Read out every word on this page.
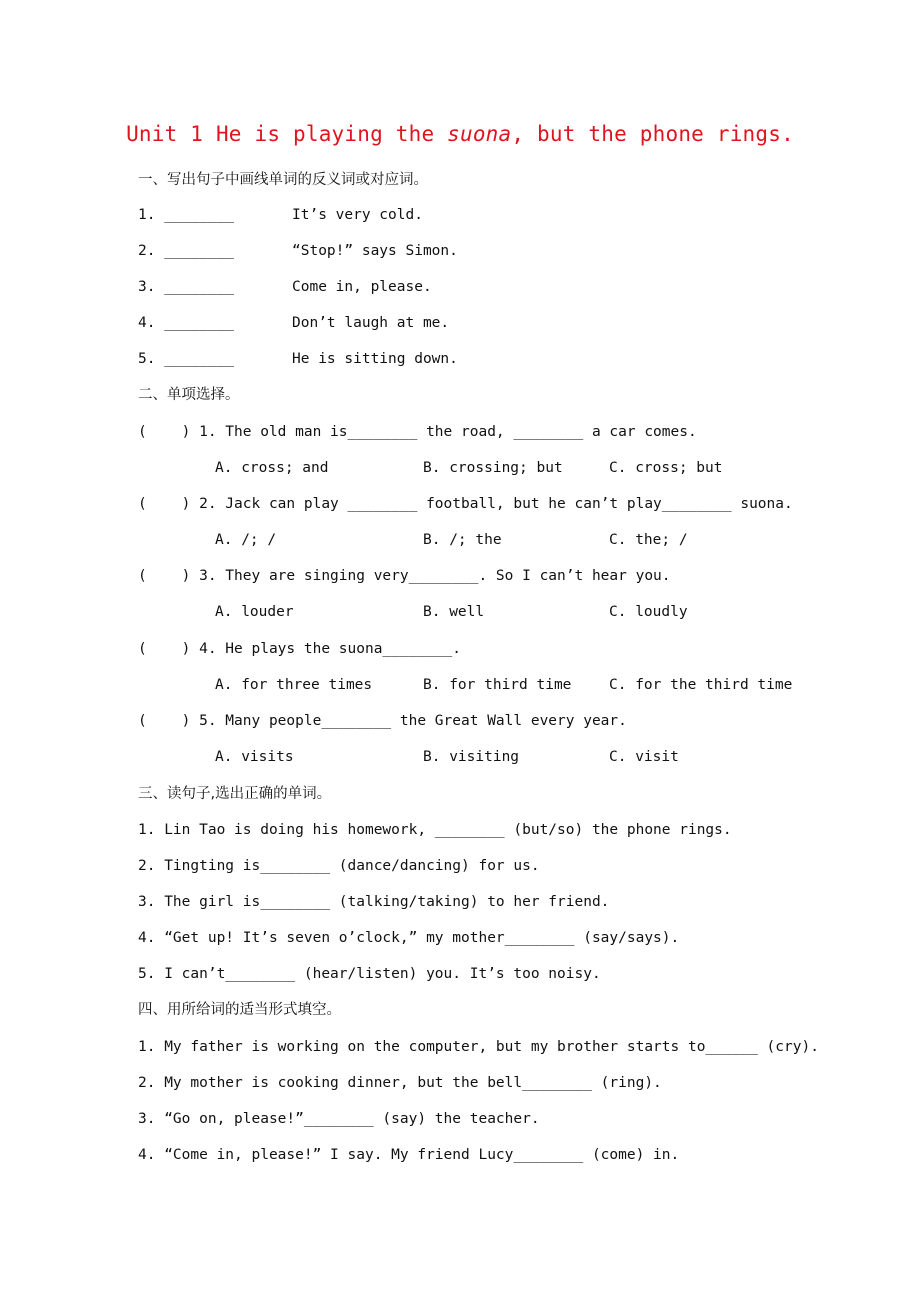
Unit 1 He is playing the suona, but the phone rings.
一、写出句子中画线单词的反义词或对应词。
1. ________	It’s very cold.
2. ________	“Stop!” says Simon.
3. ________	Come in, please.
4. ________	Don’t laugh at me.
5. ________	He is sitting down.
二、单项选择。
(    ) 1. The old man is________ the road, ________ a car comes.
A. cross; and	B. crossing; but	C. cross; but
(    ) 2. Jack can play ________ football, but he can’t play________ suona.
A. /; /	B. /; the	C. the; /
(    ) 3. They are singing very________. So I can’t hear you.
A. louder	B. well	C. loudly
(    ) 4. He plays the suona________.
A. for three times	B. for third time	C. for the third time
(    ) 5. Many people________ the Great Wall every year.
A. visits	B. visiting	C. visit
三、读句子,选出正确的单词。
1. Lin Tao is doing his homework, ________ (but/so) the phone rings.
2. Tingting is________ (dance/dancing) for us.
3. The girl is________ (talking/taking) to her friend.
4. “Get up! It’s seven o’clock,” my mother________ (say/says).
5. I can’t________ (hear/listen) you. It’s too noisy.
四、用所给词的适当形式填空。
1. My father is working on the computer, but my brother starts to______ (cry).
2. My mother is cooking dinner, but the bell________ (ring).
3. “Go on, please!”________ (say) the teacher.
4. “Come in, please!” I say. My friend Lucy________ (come) in.
